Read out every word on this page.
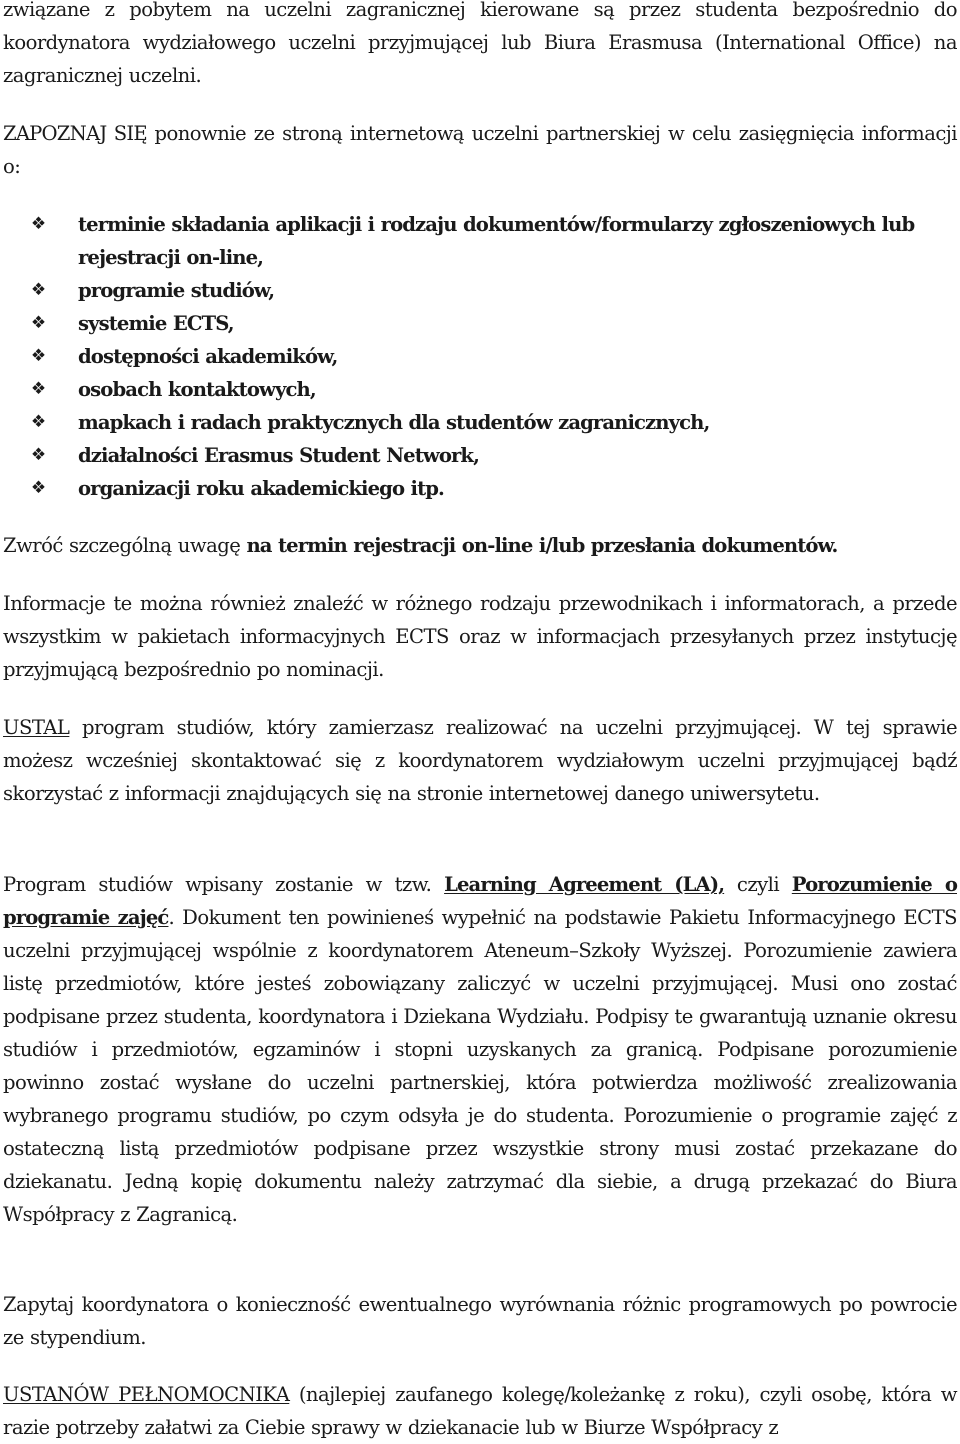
związane z pobytem na uczelni zagranicznej kierowane są przez studenta bezpośrednio do koordynatora wydziałowego uczelni przyjmującej lub Biura Erasmusa (International Office) na zagranicznej uczelni.

ZAPOZNAJ SIĘ ponownie ze stroną internetową uczelni partnerskiej w celu zasięgnięcia informacji o:

❖ terminie składania aplikacji i rodzaju dokumentów/formularzy zgłoszeniowych lub rejestracji on-line,
❖ programie studiów,
❖ systemie ECTS,
❖ dostępności akademików,
❖ osobach kontaktowych,
❖ mapkach i radach praktycznych dla studentów zagranicznych,
❖ działalności Erasmus Student Network,
❖ organizacji roku akademickiego itp.

Zwróć szczególną uwagę na termin rejestracji on-line i/lub przesłania dokumentów.

Informacje te można również znaleźć w różnego rodzaju przewodnikach i informatorach, a przede wszystkim w pakietach informacyjnych ECTS oraz w informacjach przesyłanych przez instytucję przyjmującą bezpośrednio po nominacji.

USTAL program studiów, który zamierzasz realizować na uczelni przyjmującej. W tej sprawie możesz wcześniej skontaktować się z koordynatorem wydziałowym uczelni przyjmującej bądź skorzystać z informacji znajdujących się na stronie internetowej danego uniwersytetu.

Program studiów wpisany zostanie w tzw. Learning Agreement (LA), czyli Porozumienie o programie zajęć. Dokument ten powinieneś wypełnić na podstawie Pakietu Informacyjnego ECTS uczelni przyjmującej wspólnie z koordynatorem Ateneum–Szkoły Wyższej. Porozumienie zawiera listę przedmiotów, które jesteś zobowiązany zaliczyć w uczelni przyjmującej. Musi ono zostać podpisane przez studenta, koordynatora i Dziekana Wydziału. Podpisy te gwarantują uznanie okresu studiów i przedmiotów, egzaminów i stopni uzyskanych za granicą. Podpisane porozumienie powinno zostać wysłane do uczelni partnerskiej, która potwierdza możliwość zrealizowania wybranego programu studiów, po czym odsyła je do studenta. Porozumienie o programie zajęć z ostateczną listą przedmiotów podpisane przez wszystkie strony musi zostać przekazane do dziekanatu. Jedną kopię dokumentu należy zatrzymać dla siebie, a drugą przekazać do Biura Współpracy z Zagranicą.

Zapytaj koordynatora o konieczność ewentualnego wyrównania różnic programowych po powrocie ze stypendium.

USTANÓW PEŁNOMOCNIKA (najlepiej zaufanego kolegę/koleżankę z roku), czyli osobę, która w razie potrzeby załatwi za Ciebie sprawy w dziekanacie lub w Biurze Współpracy z
